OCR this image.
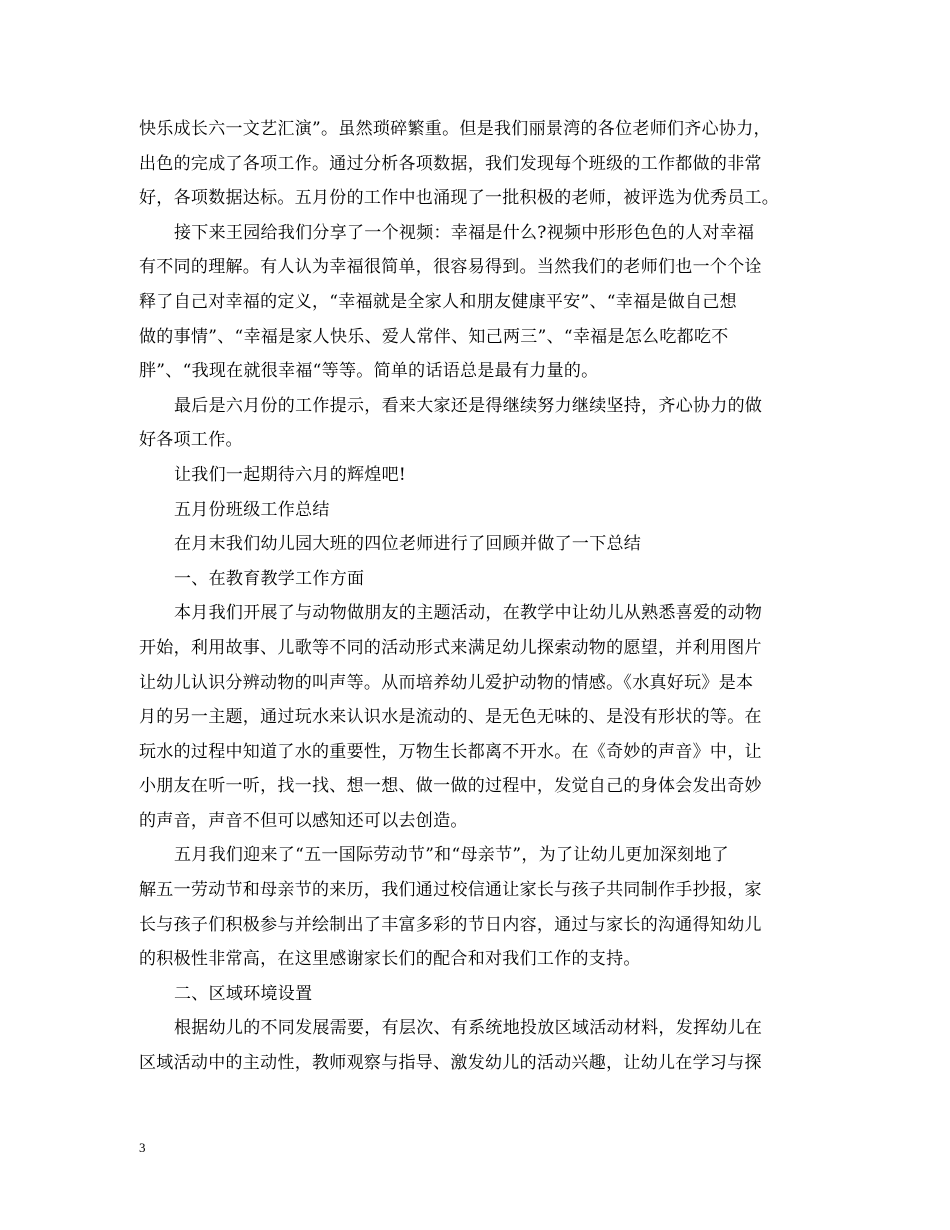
快乐成长六一文艺汇演”。虽然琐碎繁重。但是我们丽景湾的各位老师们齐心协力，
出色的完成了各项工作。通过分析各项数据，我们发现每个班级的工作都做的非常
好，各项数据达标。五月份的工作中也涌现了一批积极的老师，被评选为优秀员工。

接下来王园给我们分享了一个视频：幸福是什么?视频中形形色色的人对幸福
有不同的理解。有人认为幸福很简单，很容易得到。当然我们的老师们也一个个诠
释了自己对幸福的定义，“幸福就是全家人和朋友健康平安”、“幸福是做自己想
做的事情”、“幸福是家人快乐、爱人常伴、知己两三”、“幸福是怎么吃都吃不
胖”、“我现在就很幸福“等等。简单的话语总是最有力量的。

最后是六月份的工作提示，看来大家还是得继续努力继续坚持，齐心协力的做
好各项工作。

让我们一起期待六月的辉煌吧!

五月份班级工作总结

在月末我们幼儿园大班的四位老师进行了回顾并做了一下总结

一、在教育教学工作方面

本月我们开展了与动物做朋友的主题活动，在教学中让幼儿从熟悉喜爱的动物
开始，利用故事、儿歌等不同的活动形式来满足幼儿探索动物的愿望，并利用图片
让幼儿认识分辨动物的叫声等。从而培养幼儿爱护动物的情感。《水真好玩》是本
月的另一主题，通过玩水来认识水是流动的、是无色无味的、是没有形状的等。在
玩水的过程中知道了水的重要性，万物生长都离不开水。在《奇妙的声音》中，让
小朋友在听一听，找一找、想一想、做一做的过程中，发觉自己的身体会发出奇妙
的声音，声音不但可以感知还可以去创造。

五月我们迎来了“五一国际劳动节”和“母亲节”，为了让幼儿更加深刻地了
解五一劳动节和母亲节的来历，我们通过校信通让家长与孩子共同制作手抄报，家
长与孩子们积极参与并绘制出了丰富多彩的节日内容，通过与家长的沟通得知幼儿
的积极性非常高，在这里感谢家长们的配合和对我们工作的支持。

二、区域环境设置

根据幼儿的不同发展需要，有层次、有系统地投放区域活动材料，发挥幼儿在
区域活动中的主动性，教师观察与指导、激发幼儿的活动兴趣，让幼儿在学习与探

3
